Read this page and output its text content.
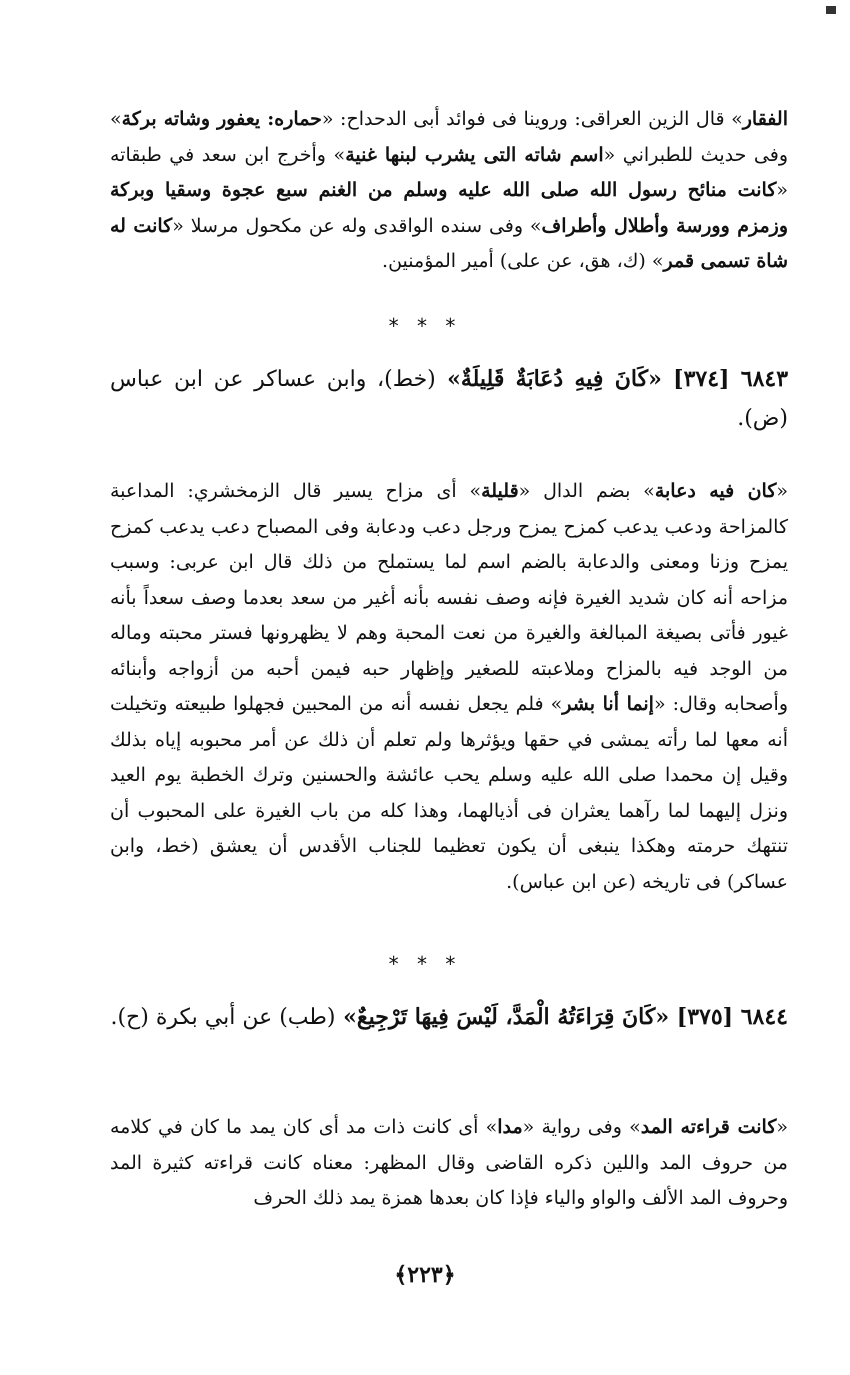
الفقار» قال الزين العراقى: وروينا فى فوائد أبى الدحداح: «حماره: يعفور وشاته بركة» وفى حديث للطبراني «اسم شاته التى يشرب لبنها غنية» وأخرج ابن سعد في طبقاته «كانت منائح رسول الله صلى الله عليه وسلم من الغنم سبع عجوة وسقيا وبركة وزمزم وورسة وأطلال وأطراف» وفى سنده الواقدى وله عن مكحول مرسلا «كانت له شاة تسمى قمر» (ك، هق، عن على) أمير المؤمنين.

* * *

٦٨٤٣ [٣٧٤] «كَانَ فِيهِ دُعَابَةٌ قَلِيلَةٌ» (خط)، وابن عساكر عن ابن عباس (ض).

«كان فيه دعابة» بضم الدال «قليلة» أى مزاح يسير قال الزمخشري: المداعبة كالمزاحة ودعب يدعب كمزح يمزح ورجل دعب ودعابة وفى المصباح دعب يدعب كمزح يمزح وزنا ومعنى والدعابة بالضم اسم لما يستملح من ذلك قال ابن عربى: وسبب مزاحه أنه كان شديد الغيرة فإنه وصف نفسه بأنه أغير من سعد بعدما وصف سعداً بأنه غيور فأتى بصيغة المبالغة والغيرة من نعت المحبة وهم لا يظهرونها فستر محبته وماله من الوجد فيه بالمزاح وملاعبته للصغير وإظهار حبه فيمن أحبه من أزواجه وأبنائه وأصحابه وقال: «إنما أنا بشر» فلم يجعل نفسه أنه من المحبين فجهلوا طبيعته وتخيلت أنه معها لما رأته يمشى في حقها ويؤثرها ولم تعلم أن ذلك عن أمر محبوبه إياه بذلك وقيل إن محمدا صلى الله عليه وسلم يحب عائشة والحسنين وترك الخطبة يوم العيد ونزل إليهما لما رآهما يعثران فى أذيالهما، وهذا كله من باب الغيرة على المحبوب أن تنتهك حرمته وهكذا ينبغى أن يكون تعظيما للجناب الأقدس أن يعشق (خط، وابن عساكر) فى تاريخه (عن ابن عباس).

* * *

٦٨٤٤ [٣٧٥] «كَانَ قِرَاءَتُهُ الْمَدَّ، لَيْسَ فِيهَا تَرْجِيعٌ» (طب) عن أبي بكرة (ح).

«كانت قراءته المد» وفى رواية «مدا» أى كانت ذات مد أى كان يمد ما كان في كلامه من حروف المد واللين ذكره القاضى وقال المظهر: معناه كانت قراءته كثيرة المد وحروف المد الألف والواو والياء فإذا كان بعدها همزة يمد ذلك الحرف

﴿٢٢٣﴾
